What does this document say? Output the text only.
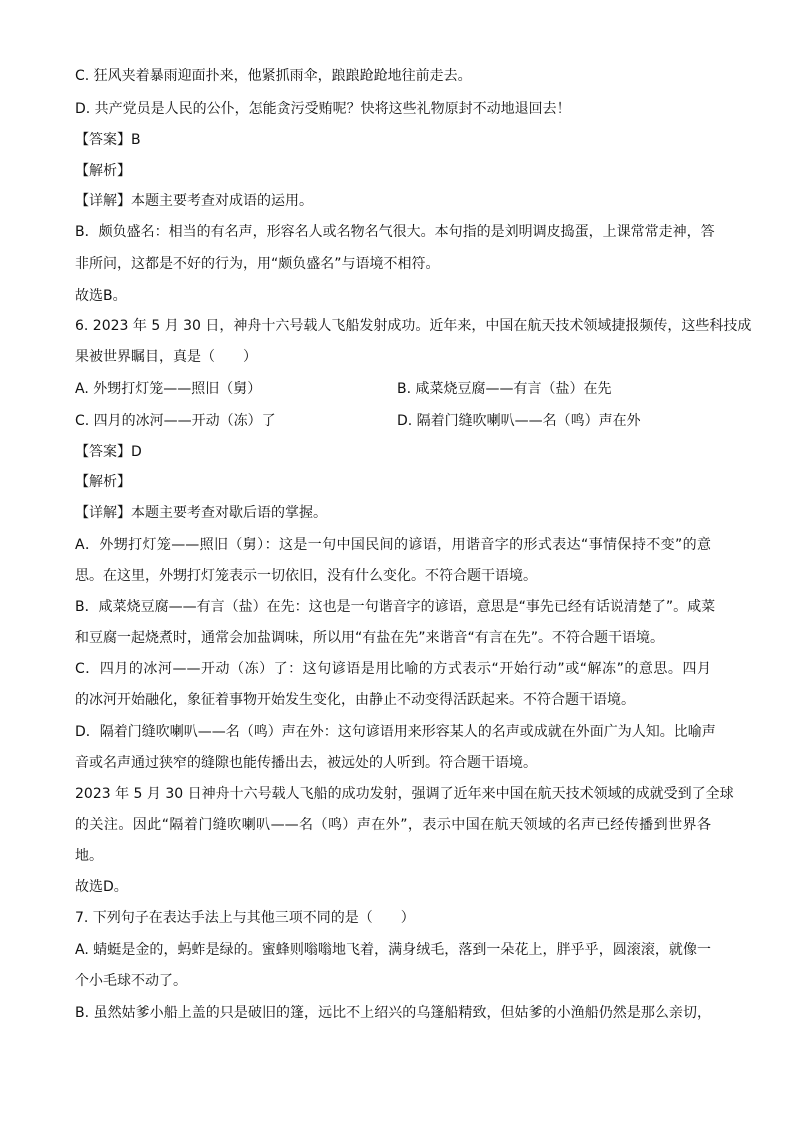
C. 狂风夹着暴雨迎面扑来，他紧抓雨伞，踉踉跄跄地往前走去。
D. 共产党员是人民的公仆，怎能贪污受贿呢？快将这些礼物原封不动地退回去！
【答案】B
【解析】
【详解】本题主要考查对成语的运用。
B．颇负盛名：相当的有名声，形容名人或名物名气很大。本句指的是刘明调皮捣蛋，上课常常走神，答
非所问，这都是不好的行为，用“颇负盛名”与语境不相符。
故选B。
6. 2023 年 5 月 30 日，神舟十六号载人飞船发射成功。近年来，中国在航天技术领域捷报频传，这些科技成
果被世界瞩目，真是（　　）
A. 外甥打灯笼——照旧（舅）	B. 咸菜烧豆腐——有言（盐）在先
C. 四月的冰河——开动（冻）了	D. 隔着门缝吹喇叭——名（鸣）声在外
【答案】D
【解析】
【详解】本题主要考查对歇后语的掌握。
A．外甥打灯笼——照旧（舅）：这是一句中国民间的谚语，用谐音字的形式表达“事情保持不变”的意
思。在这里，外甥打灯笼表示一切依旧，没有什么变化。不符合题干语境。
B．咸菜烧豆腐——有言（盐）在先：这也是一句谐音字的谚语，意思是“事先已经有话说清楚了”。咸菜
和豆腐一起烧煮时，通常会加盐调味，所以用“有盐在先”来谐音“有言在先”。不符合题干语境。
C．四月的冰河——开动（冻）了：这句谚语是用比喻的方式表示“开始行动”或“解冻”的意思。四月
的冰河开始融化，象征着事物开始发生变化，由静止不动变得活跃起来。不符合题干语境。
D．隔着门缝吹喇叭——名（鸣）声在外：这句谚语用来形容某人的名声或成就在外面广为人知。比喻声
音或名声通过狭窄的缝隙也能传播出去，被远处的人听到。符合题干语境。
2023 年 5 月 30 日神舟十六号载人飞船的成功发射，强调了近年来中国在航天技术领域的成就受到了全球
的关注。因此“隔着门缝吹喇叭——名（鸣）声在外”，表示中国在航天领域的名声已经传播到世界各
地。
故选D。
7. 下列句子在表达手法上与其他三项不同的是（　　）
A. 蜻蜓是金的，蚂蚱是绿的。蜜蜂则嗡嗡地飞着，满身绒毛，落到一朵花上，胖乎乎，圆滚滚，就像一
个小毛球不动了。
B. 虽然姑爹小船上盖的只是破旧的篷，远比不上绍兴的乌篷船精致，但姑爹的小渔船仍然是那么亲切，
